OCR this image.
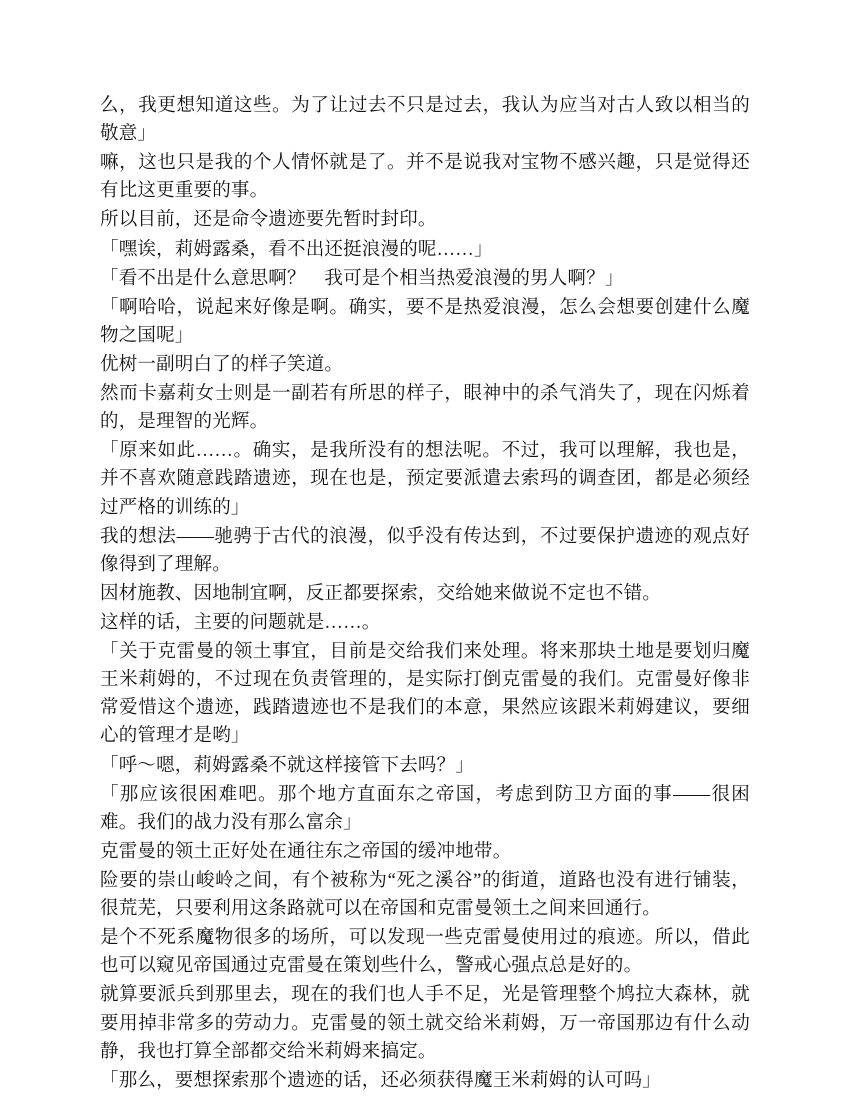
么，我更想知道这些。为了让过去不只是过去，我认为应当对古人致以相当的敬意」

嘛，这也只是我的个人情怀就是了。并不是说我对宝物不感兴趣，只是觉得还有比这更重要的事。

所以目前，还是命令遗迹要先暂时封印。

「嘿诶，莉姆露桑，看不出还挺浪漫的呢……」

「看不出是什么意思啊？　我可是个相当热爱浪漫的男人啊？」

「啊哈哈，说起来好像是啊。确实，要不是热爱浪漫，怎么会想要创建什么魔物之国呢」

优树一副明白了的样子笑道。

然而卡嘉莉女士则是一副若有所思的样子，眼神中的杀气消失了，现在闪烁着的，是理智的光辉。

「原来如此……。确实，是我所没有的想法呢。不过，我可以理解，我也是，并不喜欢随意践踏遗迹，现在也是，预定要派遣去索玛的调查团，都是必须经过严格的训练的」

我的想法——驰骋于古代的浪漫，似乎没有传达到，不过要保护遗迹的观点好像得到了理解。

因材施教、因地制宜啊，反正都要探索，交给她来做说不定也不错。

这样的话，主要的问题就是……。

「关于克雷曼的领土事宜，目前是交给我们来处理。将来那块土地是要划归魔王米莉姆的，不过现在负责管理的，是实际打倒克雷曼的我们。克雷曼好像非常爱惜这个遗迹，践踏遗迹也不是我们的本意，果然应该跟米莉姆建议，要细心的管理才是哟」

「呼～嗯，莉姆露桑不就这样接管下去吗？」

「那应该很困难吧。那个地方直面东之帝国，考虑到防卫方面的事——很困难。我们的战力没有那么富余」

克雷曼的领土正好处在通往东之帝国的缓冲地带。

险要的崇山峻岭之间，有个被称为“死之溪谷”的街道，道路也没有进行铺装，很荒芜，只要利用这条路就可以在帝国和克雷曼领土之间来回通行。

是个不死系魔物很多的场所，可以发现一些克雷曼使用过的痕迹。所以，借此也可以窥见帝国通过克雷曼在策划些什么，警戒心强点总是好的。

就算要派兵到那里去，现在的我们也人手不足，光是管理整个鸠拉大森林，就要用掉非常多的劳动力。克雷曼的领土就交给米莉姆，万一帝国那边有什么动静，我也打算全部都交给米莉姆来搞定。

「那么，要想探索那个遗迹的话，还必须获得魔王米莉姆的认可吗」
